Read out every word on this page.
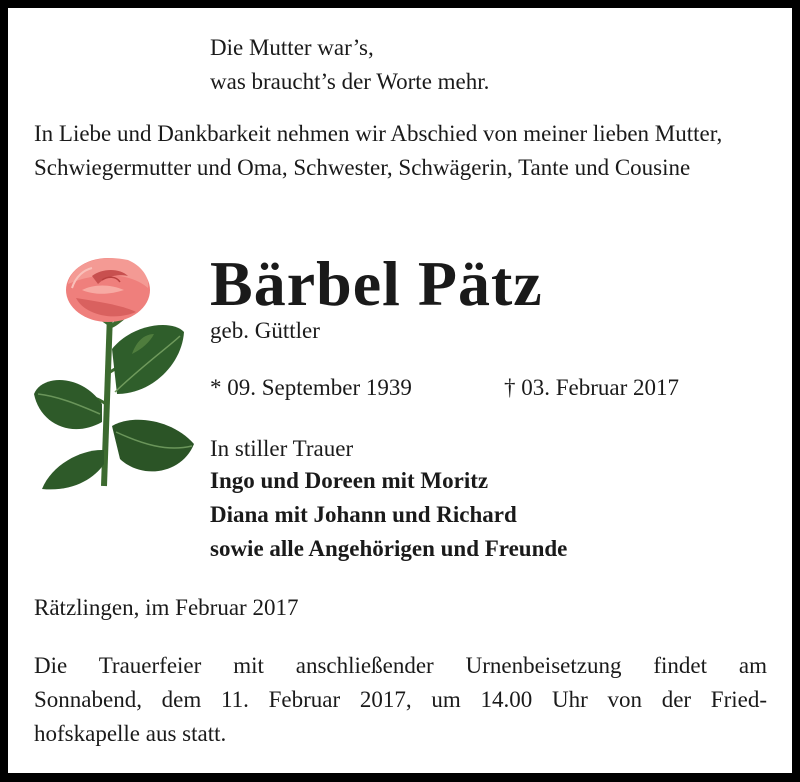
Die Mutter war’s,
was braucht’s der Worte mehr.

In Liebe und Dankbarkeit nehmen wir Abschied von meiner lieben Mutter, Schwiegermutter und Oma, Schwester, Schwägerin, Tante und Cousine

Bärbel Pätz

geb. Güttler

* 09. September 1939	† 03. Februar 2017

In stiller Trauer

Ingo und Doreen mit Moritz

Diana mit Johann und Richard

sowie alle Angehörigen und Freunde

Rätzlingen, im Februar 2017

Die Trauerfeier mit anschließender Urnenbeisetzung findet am
Sonnabend, dem 11. Februar 2017, um 14.00 Uhr von der Fried-
hofskapelle aus statt.
